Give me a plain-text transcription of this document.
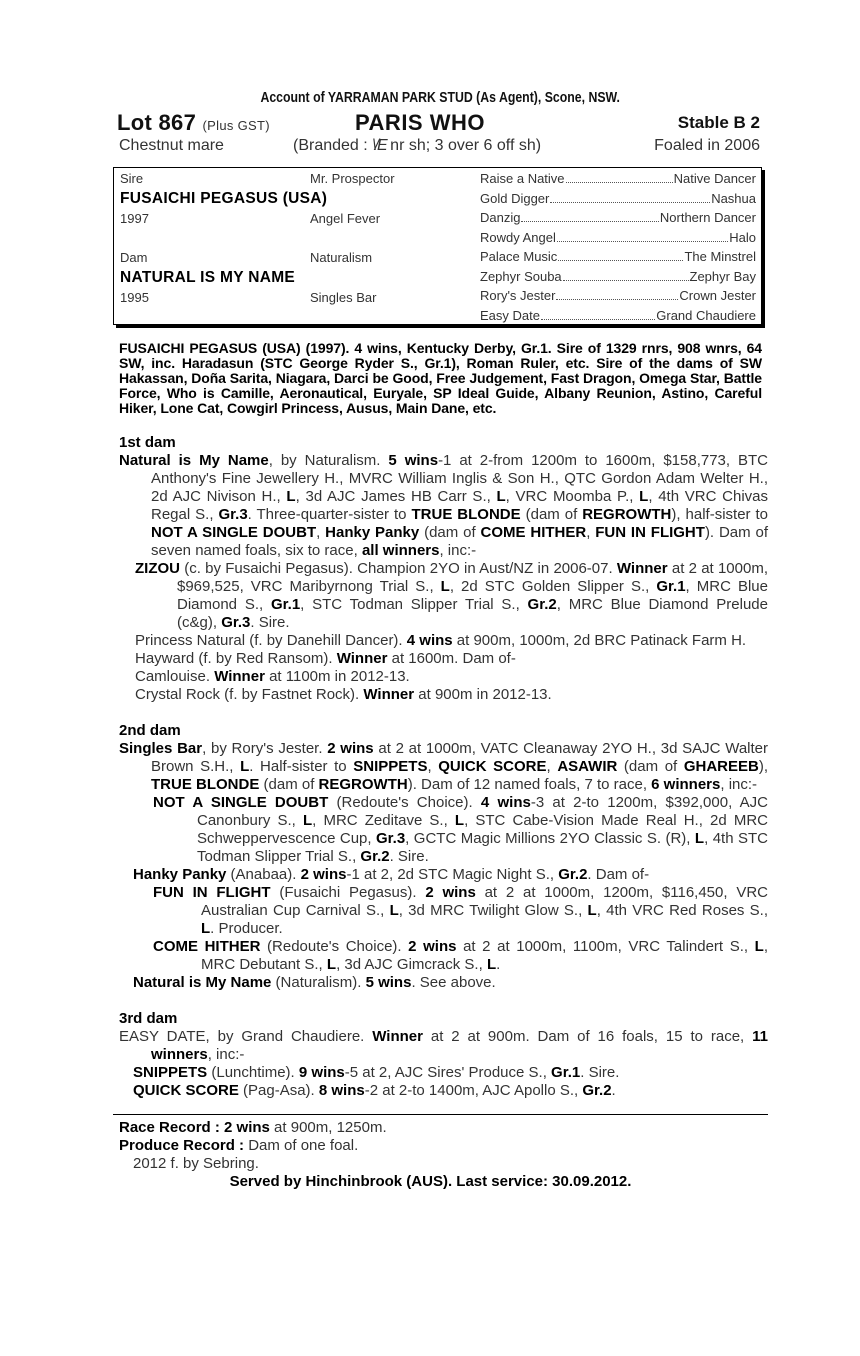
Account of YARRAMAN PARK STUD (As Agent), Scone, NSW.
Lot 867 (Plus GST)	PARIS WHO	Stable B 2
Chestnut mare	(Branded : \/E nr sh; 3 over 6 off sh)	Foaled in 2006
Sire	Mr. Prospector
FUSAICHI PEGASUS (USA)
1997	Angel Fever
Dam	Naturalism
NATURAL IS MY NAME
1995	Singles Bar
Raise a Native	Native Dancer
Gold Digger	Nashua
Danzig	Northern Dancer
Rowdy Angel	Halo
Palace Music	The Minstrel
Zephyr Souba	Zephyr Bay
Rory's Jester	Crown Jester
Easy Date	Grand Chaudiere
FUSAICHI PEGASUS (USA) (1997). 4 wins, Kentucky Derby, Gr.1. Sire of 1329 rnrs, 908 wnrs, 64 SW, inc. Haradasun (STC George Ryder S., Gr.1), Roman Ruler, etc. Sire of the dams of SW Hakassan, Doña Sarita, Niagara, Darci be Good, Free Judgement, Fast Dragon, Omega Star, Battle Force, Who is Camille, Aeronautical, Euryale, SP Ideal Guide, Albany Reunion, Astino, Careful Hiker, Lone Cat, Cowgirl Princess, Ausus, Main Dane, etc.
1st dam
Natural is My Name, by Naturalism. 5 wins-1 at 2-from 1200m to 1600m, $158,773, BTC Anthony's Fine Jewellery H., MVRC William Inglis & Son H., QTC Gordon Adam Welter H., 2d AJC Nivison H., L, 3d AJC James HB Carr S., L, VRC Moomba P., L, 4th VRC Chivas Regal S., Gr.3. Three-quarter-sister to TRUE BLONDE (dam of REGROWTH), half-sister to NOT A SINGLE DOUBT, Hanky Panky (dam of COME HITHER, FUN IN FLIGHT). Dam of seven named foals, six to race, all winners, inc:-
ZIZOU (c. by Fusaichi Pegasus). Champion 2YO in Aust/NZ in 2006-07. Winner at 2 at 1000m, $969,525, VRC Maribyrnong Trial S., L, 2d STC Golden Slipper S., Gr.1, MRC Blue Diamond S., Gr.1, STC Todman Slipper Trial S., Gr.2, MRC Blue Diamond Prelude (c&g), Gr.3. Sire.
Princess Natural (f. by Danehill Dancer). 4 wins at 900m, 1000m, 2d BRC Patinack Farm H.
Hayward (f. by Red Ransom). Winner at 1600m. Dam of-
Camlouise. Winner at 1100m in 2012-13.
Crystal Rock (f. by Fastnet Rock). Winner at 900m in 2012-13.
2nd dam
Singles Bar, by Rory's Jester. 2 wins at 2 at 1000m, VATC Cleanaway 2YO H., 3d SAJC Walter Brown S.H., L. Half-sister to SNIPPETS, QUICK SCORE, ASAWIR (dam of GHAREEB), TRUE BLONDE (dam of REGROWTH). Dam of 12 named foals, 7 to race, 6 winners, inc:-
NOT A SINGLE DOUBT (Redoute's Choice). 4 wins-3 at 2-to 1200m, $392,000, AJC Canonbury S., L, MRC Zeditave S., L, STC Cabe-Vision Made Real H., 2d MRC Schweppervescence Cup, Gr.3, GCTC Magic Millions 2YO Classic S. (R), L, 4th STC Todman Slipper Trial S., Gr.2. Sire.
Hanky Panky (Anabaa). 2 wins-1 at 2, 2d STC Magic Night S., Gr.2. Dam of-
FUN IN FLIGHT (Fusaichi Pegasus). 2 wins at 2 at 1000m, 1200m, $116,450, VRC Australian Cup Carnival S., L, 3d MRC Twilight Glow S., L, 4th VRC Red Roses S., L. Producer.
COME HITHER (Redoute's Choice). 2 wins at 2 at 1000m, 1100m, VRC Talindert S., L, MRC Debutant S., L, 3d AJC Gimcrack S., L.
Natural is My Name (Naturalism). 5 wins. See above.
3rd dam
EASY DATE, by Grand Chaudiere. Winner at 2 at 900m. Dam of 16 foals, 15 to race, 11 winners, inc:-
SNIPPETS (Lunchtime). 9 wins-5 at 2, AJC Sires' Produce S., Gr.1. Sire.
QUICK SCORE (Pag-Asa). 8 wins-2 at 2-to 1400m, AJC Apollo S., Gr.2.
Race Record : 2 wins at 900m, 1250m.
Produce Record : Dam of one foal.
2012 f. by Sebring.
Served by Hinchinbrook (AUS). Last service: 30.09.2012.
